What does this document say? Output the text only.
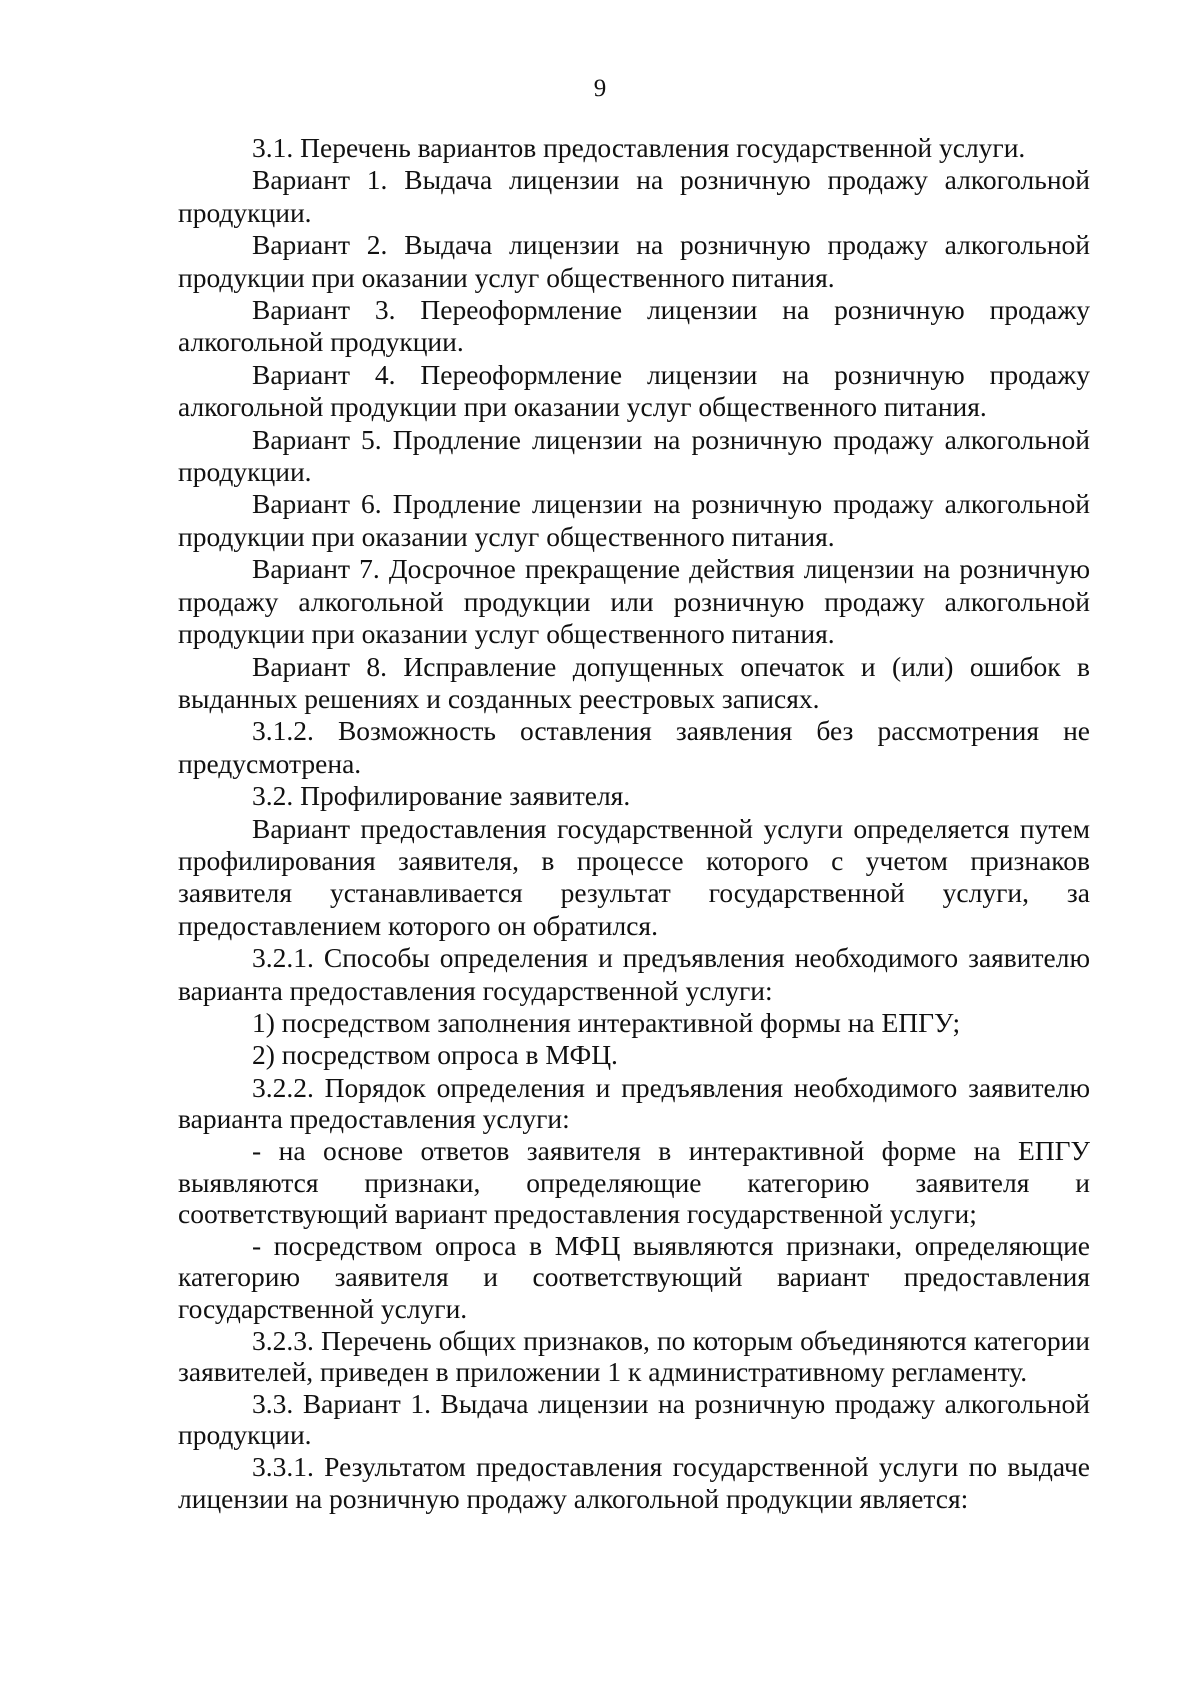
9

3.1. Перечень вариантов предоставления государственной услуги.

Вариант 1. Выдача лицензии на розничную продажу алкогольной продукции.

Вариант 2. Выдача лицензии на розничную продажу алкогольной продукции при оказании услуг общественного питания.

Вариант 3. Переоформление лицензии на розничную продажу алкогольной продукции.

Вариант 4. Переоформление лицензии на розничную продажу алкогольной продукции при оказании услуг общественного питания.

Вариант 5. Продление лицензии на розничную продажу алкогольной продукции.

Вариант 6. Продление лицензии на розничную продажу алкогольной продукции при оказании услуг общественного питания.

Вариант 7. Досрочное прекращение действия лицензии на розничную продажу алкогольной продукции или розничную продажу алкогольной продукции при оказании услуг общественного питания.

Вариант 8. Исправление допущенных опечаток и (или) ошибок в выданных решениях и созданных реестровых записях.

3.1.2. Возможность оставления заявления без рассмотрения не предусмотрена.

3.2. Профилирование заявителя.

Вариант предоставления государственной услуги определяется путем профилирования заявителя, в процессе которого с учетом признаков заявителя устанавливается результат государственной услуги, за предоставлением которого он обратился.

3.2.1. Способы определения и предъявления необходимого заявителю варианта предоставления государственной услуги:

1) посредством заполнения интерактивной формы на ЕПГУ;

2) посредством опроса в МФЦ.

3.2.2. Порядок определения и предъявления необходимого заявителю варианта предоставления услуги:

- на основе ответов заявителя в интерактивной форме на ЕПГУ выявляются признаки, определяющие категорию заявителя и соответствующий вариант предоставления государственной услуги;

- посредством опроса в МФЦ выявляются признаки, определяющие категорию заявителя и соответствующий вариант предоставления государственной услуги.

3.2.3. Перечень общих признаков, по которым объединяются категории заявителей, приведен в приложении 1 к административному регламенту.

3.3. Вариант 1. Выдача лицензии на розничную продажу алкогольной продукции.

3.3.1. Результатом предоставления государственной услуги по выдаче лицензии на розничную продажу алкогольной продукции является:
